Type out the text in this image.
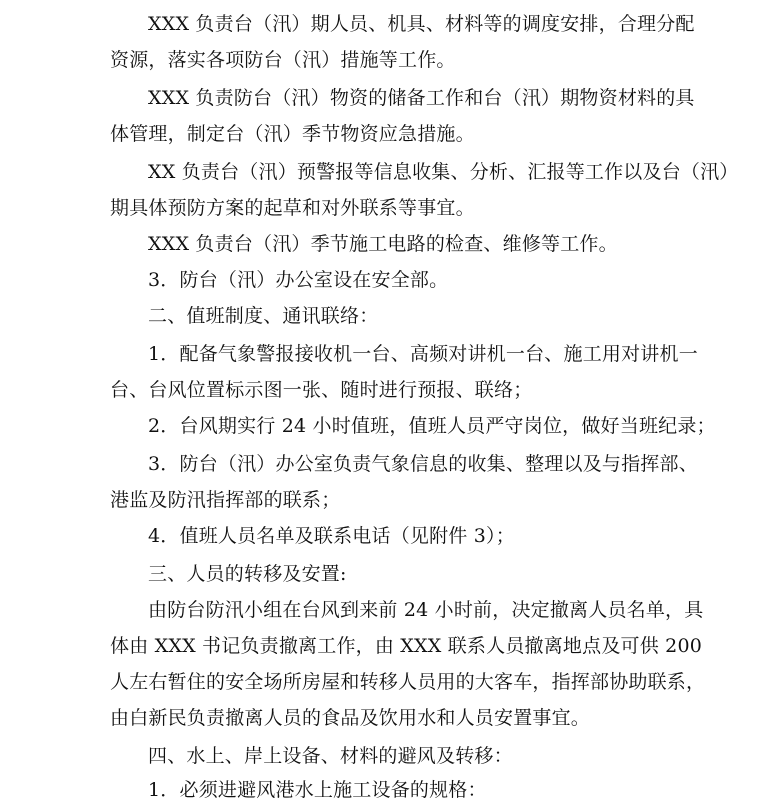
XXX 负责台（汛）期人员、机具、材料等的调度安排，合理分配
资源，落实各项防台（汛）措施等工作。
XXX 负责防台（汛）物资的储备工作和台（汛）期物资材料的具
体管理，制定台（汛）季节物资应急措施。
XX 负责台（汛）预警报等信息收集、分析、汇报等工作以及台（汛）
期具体预防方案的起草和对外联系等事宜。
XXX 负责台（汛）季节施工电路的检查、维修等工作。
3．防台（汛）办公室设在安全部。
二、值班制度、通讯联络：
1．配备气象警报接收机一台、高频对讲机一台、施工用对讲机一
台、台风位置标示图一张、随时进行预报、联络；
2．台风期实行 24 小时值班，值班人员严守岗位，做好当班纪录；
3．防台（汛）办公室负责气象信息的收集、整理以及与指挥部、
港监及防汛指挥部的联系；
4．值班人员名单及联系电话（见附件 3）；
三、人员的转移及安置:
由防台防汛小组在台风到来前 24 小时前，决定撤离人员名单，具
体由 XXX 书记负责撤离工作，由 XXX 联系人员撤离地点及可供 200
人左右暂住的安全场所房屋和转移人员用的大客车，指挥部协助联系，
由白新民负责撤离人员的食品及饮用水和人员安置事宜。
四、水上、岸上设备、材料的避风及转移：
1．必须进避风港水上施工设备的规格：
